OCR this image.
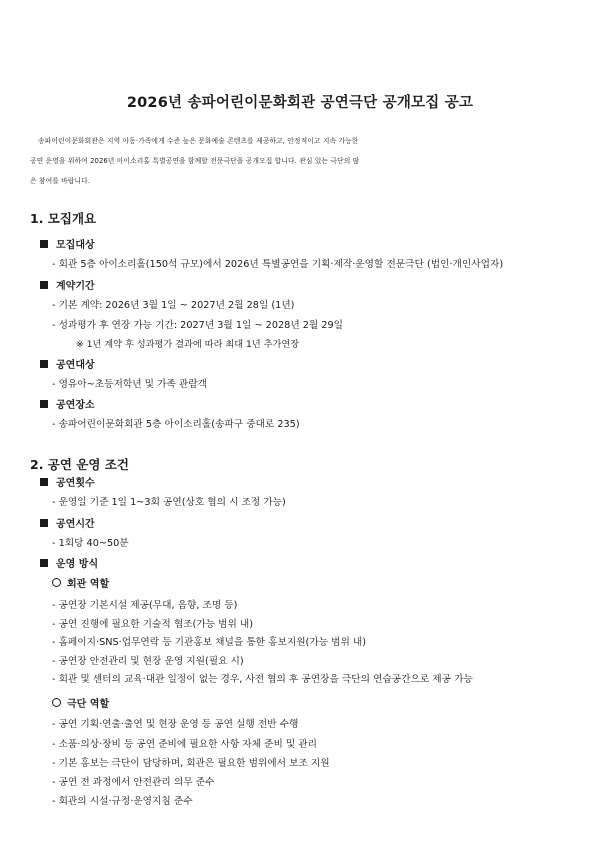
2026년 송파어린이문화회관 공연극단 공개모집 공고
송파어린이문화회관은 지역 아동·가족에게 수준 높은 문화예술 콘텐츠를 제공하고, 안정적이고 지속 가능한
공연 운영을 위하여 2026년 아이소리홀 특별공연을 함께할 전문극단을 공개모집 합니다. 관심 있는 극단의 많
은 참여를 바랍니다.
1. 모집개요
모집대상
- 회관 5층 아이소리홀(150석 규모)에서 2026년 특별공연을 기획·제작·운영할 전문극단 (법인·개인사업자)
계약기간
- 기본 계약: 2026년 3월 1일 ~ 2027년 2월 28일 (1년)
- 성과평가 후 연장 가능 기간: 2027년 3월 1일 ~ 2028년 2월 29일
※ 1년 계약 후 성과평가 결과에 따라 최대 1년 추가연장
공연대상
- 영유아~초등저학년 및 가족 관람객
공연장소
- 송파어린이문화회관 5층 아이소리홀(송파구 중대로 235)
2. 공연 운영 조건
공연횟수
- 운영일 기준 1일 1~3회 공연(상호 협의 시 조정 가능)
공연시간
- 1회당 40~50분
운영 방식
회관 역할
- 공연장 기본시설 제공(무대, 음향, 조명 등)
- 공연 진행에 필요한 기술적 협조(가능 범위 내)
- 홈페이지·SNS·업무연락 등 기관홍보 채널을 통한 홍보지원(가능 범위 내)
- 공연장 안전관리 및 현장 운영 지원(필요 시)
- 회관 및 센터의 교육·대관 일정이 없는 경우, 사전 협의 후 공연장을 극단의 연습공간으로 제공 가능
극단 역할
- 공연 기획·연출·출연 및 현장 운영 등 공연 실행 전반 수행
- 소품·의상·장비 등 공연 준비에 필요한 사항 자체 준비 및 관리
- 기본 홍보는 극단이 담당하며, 회관은 필요한 범위에서 보조 지원
- 공연 전 과정에서 안전관리 의무 준수
- 회관의 시설·규정·운영지침 준수
